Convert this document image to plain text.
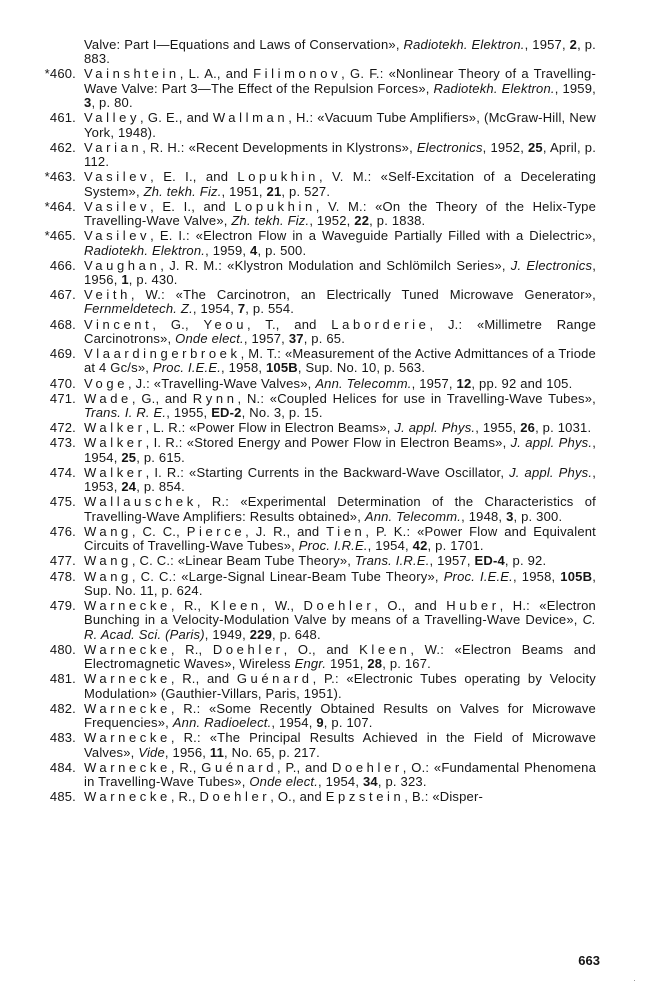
Valve: Part I—Equations and Laws of Conservation», Radiotekh. Elektron., 1957, 2, p. 883.
*460. Vainshtein, L. A., and Filimonov, G. F.: «Nonlinear Theory of a Travelling-Wave Valve: Part 3—The Effect of the Repulsion Forces», Radiotekh. Elektron., 1959, 3, p. 80.
461. Valley, G. E., and Wallman, H.: «Vacuum Tube Amplifiers», (McGraw-Hill, New York, 1948).
462. Varian, R. H.: «Recent Developments in Klystrons», Electronics, 1952, 25, April, p. 112.
*463. Vasilev, E. I., and Lopukhin, V. M.: «Self-Excitation of a Decelerating System», Zh. tekh. Fiz., 1951, 21, p. 527.
*464. Vasilev, E. I., and Lopukhin, V. M.: «On the Theory of the Helix-Type Travelling-Wave Valve», Zh. tekh. Fiz., 1952, 22, p. 1838.
*465. Vasilev, E. I.: «Electron Flow in a Waveguide Partially Filled with a Dielectric», Radiotekh. Elektron., 1959, 4, p. 500.
466. Vaughan, J. R. M.: «Klystron Modulation and Schlömilch Series», J. Electronics, 1956, 1, p. 430.
467. Veith, W.: «The Carcinotron, an Electrically Tuned Microwave Generator», Fernmeldetech. Z., 1954, 7, p. 554.
468. Vincent, G., Yeou, T., and Laborderie, J.: «Millimetre Range Carcinotrons», Onde elect., 1957, 37, p. 65.
469. Vlaardingerbroek, M. T.: «Measurement of the Active Admittances of a Triode at 4 Gc/s», Proc. I.E.E., 1958, 105B, Sup. No. 10, p. 563.
470. Voge, J.: «Travelling-Wave Valves», Ann. Telecomm., 1957, 12, pp. 92 and 105.
471. Wade, G., and Rynn, N.: «Coupled Helices for use in Travelling-Wave Tubes», Trans. I. R. E., 1955, ED-2, No. 3, p. 15.
472. Walker, L. R.: «Power Flow in Electron Beams», J. appl. Phys., 1955, 26, p. 1031.
473. Walker, I. R.: «Stored Energy and Power Flow in Electron Beams», J. appl. Phys., 1954, 25, p. 615.
474. Walker, I. R.: «Starting Currents in the Backward-Wave Oscillator, J. appl. Phys., 1953, 24, p. 854.
475. Wallauschek, R.: «Experimental Determination of the Characteristics of Travelling-Wave Amplifiers: Results obtained», Ann. Telecomm., 1948, 3, p. 300.
476. Wang, C. C., Pierce, J. R., and Tien, P. K.: «Power Flow and Equivalent Circuits of Travelling-Wave Tubes», Proc. I.R.E., 1954, 42, p. 1701.
477. Wang, C. C.: «Linear Beam Tube Theory», Trans. I.R.E., 1957, ED-4, p. 92.
478. Wang, C. C.: «Large-Signal Linear-Beam Tube Theory», Proc. I.E.E., 1958, 105B, Sup. No. 11, p. 624.
479. Warnecke, R., Kleen, W., Doehler, O., and Huber, H.: «Electron Bunching in a Velocity-Modulation Valve by means of a Travelling-Wave Device», C. R. Acad. Sci. (Paris), 1949, 229, p. 648.
480. Warnecke, R., Doehler, O., and Kleen, W.: «Electron Beams and Electromagnetic Waves», Wireless Engr. 1951, 28, p. 167.
481. Warnecke, R., and Guénard, P.: «Electronic Tubes operating by Velocity Modulation» (Gauthier-Villars, Paris, 1951).
482. Warnecke, R.: «Some Recently Obtained Results on Valves for Microwave Frequencies», Ann. Radioelect., 1954, 9, p. 107.
483. Warnecke, R.: «The Principal Results Achieved in the Field of Microwave Valves», Vide, 1956, 11, No. 65, p. 217.
484. Warnecke, R., Guénard, P., and Doehler, O.: «Fundamental Phenomena in Travelling-Wave Tubes», Onde elect., 1954, 34, p. 323.
485. Warnecke, R., Doehler, O., and Epzstein, B.: «Disper-
663
·
